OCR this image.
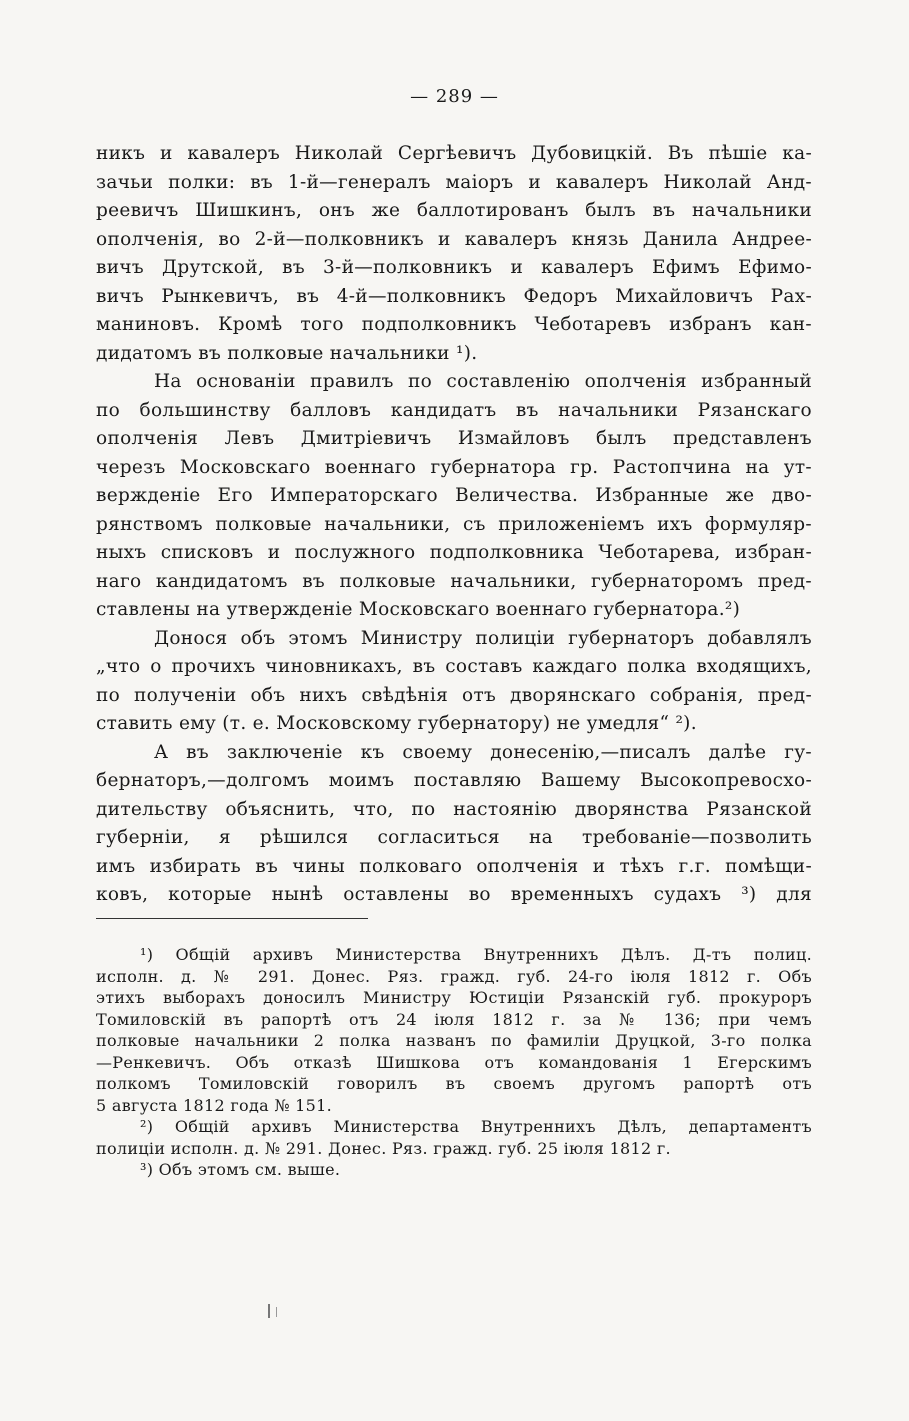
— 289 —
никъ и кавалеръ Николай Сергѣевичъ Дубовицкій. Въ пѣшіе ка-
зачьи полки: въ 1-й—генералъ маіоръ и кавалеръ Николай Анд-
реевичъ Шишкинъ, онъ же баллотированъ былъ въ начальники
ополченія, во 2-й—полковникъ и кавалеръ князь Данила Андрее-
вичъ Друтской, въ 3-й—полковникъ и кавалеръ Ефимъ Ефимо-
вичъ Рынкевичъ, въ 4-й—полковникъ Федоръ Михайловичъ Рах-
маниновъ. Кромѣ того подполковникъ Чеботаревъ избранъ кан-
дидатомъ въ полковые начальники ¹).
На основаніи правилъ по составленію ополченія избранный
по большинству балловъ кандидатъ въ начальники Рязанскаго
ополченія Левъ Дмитріевичъ Измайловъ былъ представленъ
черезъ Московскаго военнаго губернатора гр. Растопчина на ут-
вержденіе Его Императорскаго Величества. Избранные же дво-
рянствомъ полковые начальники, съ приложеніемъ ихъ формуляр-
ныхъ списковъ и послужного подполковника Чеботарева, избран-
наго кандидатомъ въ полковые начальники, губернаторомъ пред-
ставлены на утвержденіе Московскаго военнаго губернатора.²)
Донося объ этомъ Министру полиціи губернаторъ добавлялъ
„что о прочихъ чиновникахъ, въ составъ каждаго полка входящихъ,
по полученіи объ нихъ свѣдѣнія отъ дворянскаго собранія, пред-
ставить ему (т. е. Московскому губернатору) не умедля“ ²).
А въ заключеніе къ своему донесенію,—писалъ далѣе гу-
бернаторъ,—долгомъ моимъ поставляю Вашему Высокопревосхо-
дительству объяснить, что, по настоянію дворянства Рязанской
губерніи, я рѣшился согласиться на требованіе—позволить
имъ избирать въ чины полковаго ополченія и тѣхъ г.г. помѣщи-
ковъ, которые нынѣ оставлены во временныхъ судахъ ³) для
¹) Общій архивъ Министерства Внутреннихъ Дѣлъ. Д-тъ полиц.
исполн. д. № 291. Донес. Ряз. гражд. губ. 24-го іюля 1812 г. Объ
этихъ выборахъ доносилъ Министру Юстиціи Рязанскій губ. прокуроръ
Томиловскій въ рапортѣ отъ 24 іюля 1812 г. за № 136; при чемъ
полковые начальники 2 полка названъ по фамиліи Друцкой, 3-го полка
—Ренкевичъ. Объ отказѣ Шишкова отъ командованія 1 Егерскимъ
полкомъ Томиловскій говорилъ въ своемъ другомъ рапортѣ отъ
5 августа 1812 года № 151.
²) Общій архивъ Министерства Внутреннихъ Дѣлъ, департаментъ
полиціи исполн. д. № 291. Донес. Ряз. гражд. губ. 25 іюля 1812 г.
³) Объ этомъ см. выше.
